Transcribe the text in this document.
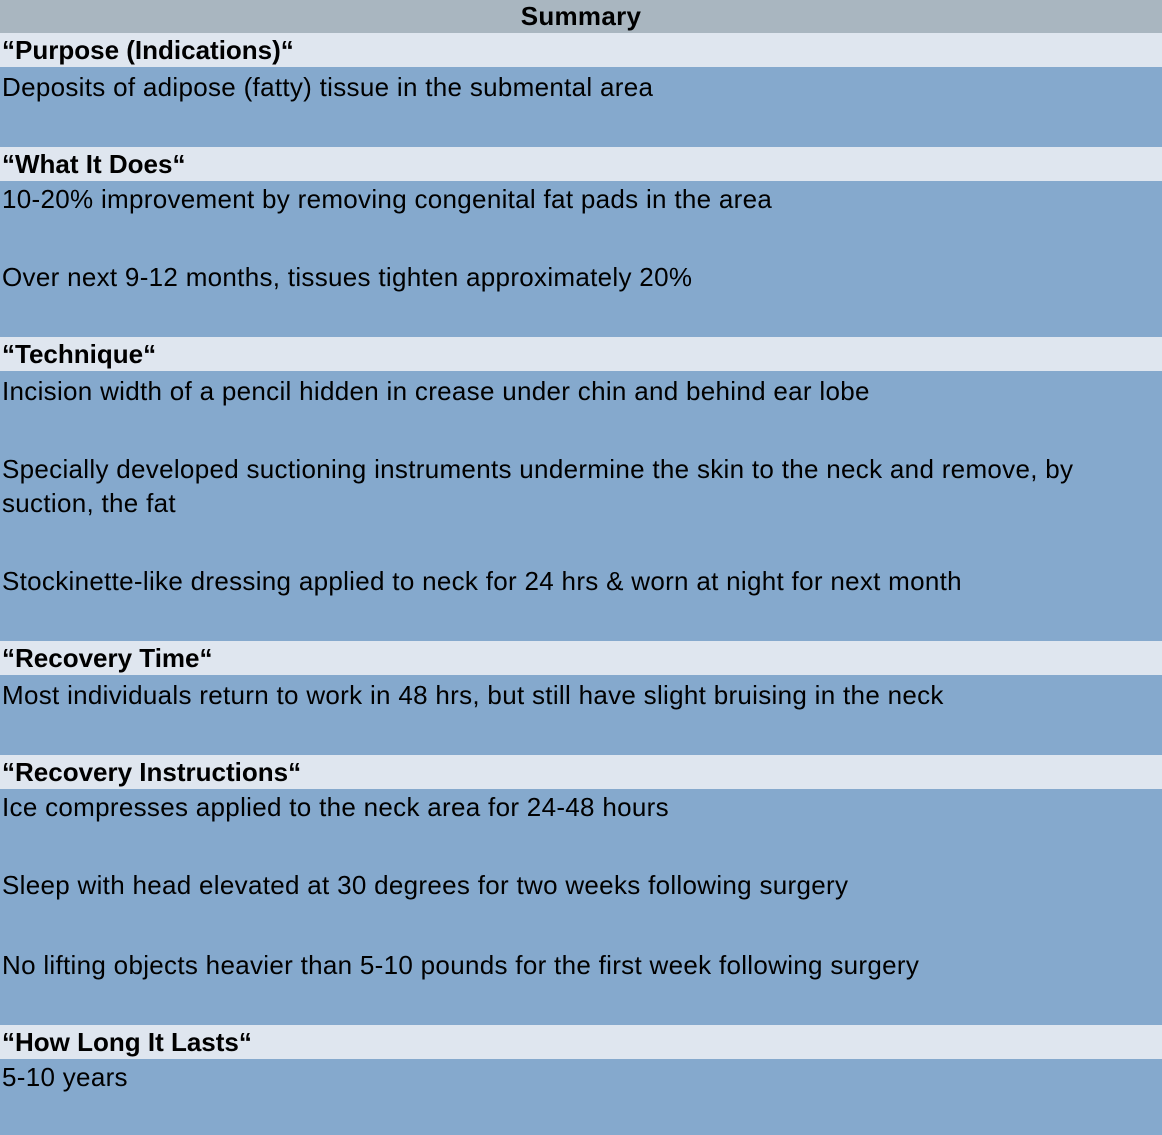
Summary
“Purpose (Indications)“
Deposits of adipose (fatty) tissue in the submental area
“What It Does“
10-20% improvement by removing congenital fat pads in the area
Over next 9-12 months, tissues tighten approximately 20%
“Technique“
Incision width of a pencil hidden in crease under chin and behind ear lobe
Specially developed suctioning instruments undermine the skin to the neck and remove, by suction, the fat
Stockinette-like dressing applied to neck for 24 hrs & worn at night for next month
“Recovery Time“
Most individuals return to work in 48 hrs, but still have slight bruising in the neck
“Recovery Instructions“
Ice compresses applied to the neck area for 24-48 hours
Sleep with head elevated at 30 degrees for two weeks following surgery
No lifting objects heavier than 5-10 pounds for the first week following surgery
“How Long It Lasts“
5-10 years
